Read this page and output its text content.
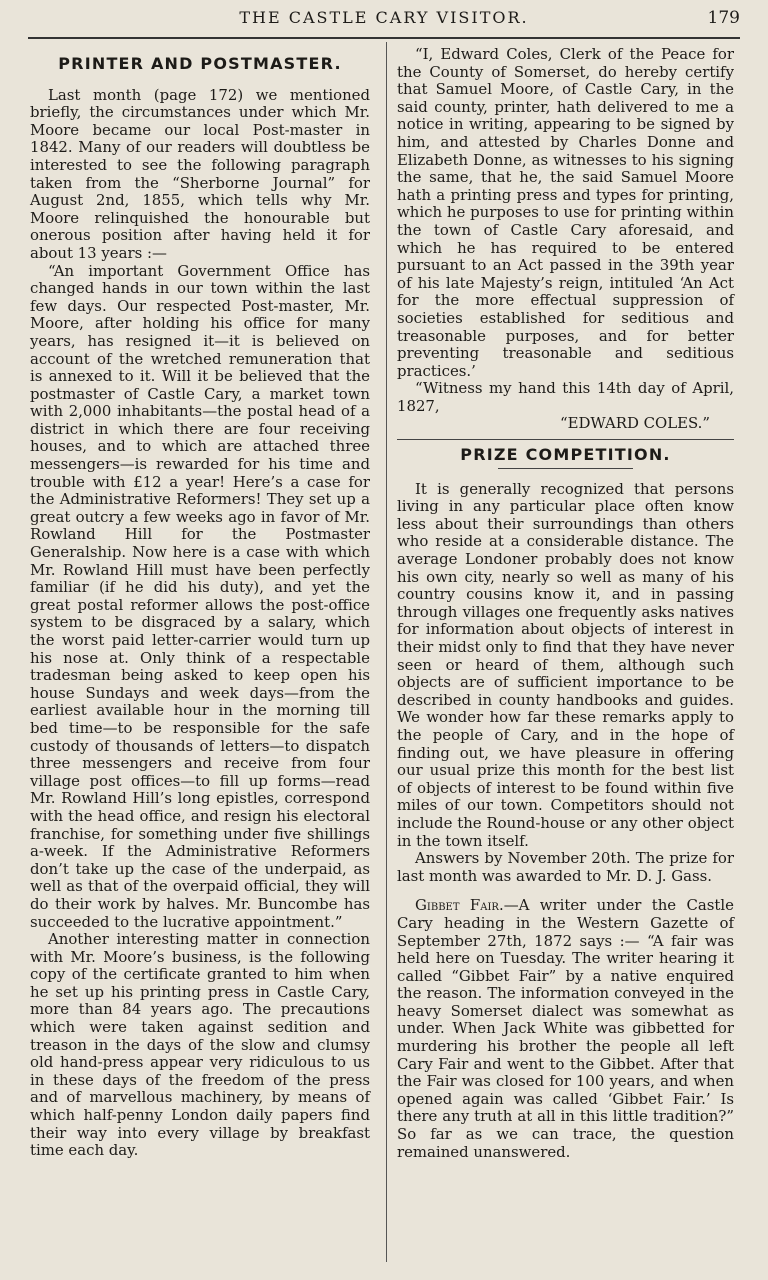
THE CASTLE CARY VISITOR.	179
PRINTER AND POSTMASTER.

Last month (page 172) we mentioned briefly, the circumstances under which Mr. Moore became our local Post-master in 1842. Many of our readers will doubtless be interested to see the following paragraph taken from the “Sherborne Journal” for August 2nd, 1855, which tells why Mr. Moore relinquished the honourable but onerous position after having held it for about 13 years :—

“An important Government Office has changed hands in our town within the last few days. Our respected Post-master, Mr. Moore, after holding his office for many years, has resigned it—it is believed on account of the wretched remuneration that is annexed to it. Will it be believed that the postmaster of Castle Cary, a market town with 2,000 inhabitants—the postal head of a district in which there are four receiving houses, and to which are attached three messengers—is rewarded for his time and trouble with £12 a year! Here’s a case for the Administrative Reformers! They set up a great outcry a few weeks ago in favor of Mr. Rowland Hill for the Postmaster Generalship. Now here is a case with which Mr. Rowland Hill must have been perfectly familiar (if he did his duty), and yet the great postal reformer allows the post-office system to be disgraced by a salary, which the worst paid letter-carrier would turn up his nose at. Only think of a respectable tradesman being asked to keep open his house Sundays and week days—from the earliest available hour in the morning till bed time—to be responsible for the safe custody of thousands of letters—to dispatch three messengers and receive from four village post offices—to fill up forms—read Mr. Rowland Hill’s long epistles, correspond with the head office, and resign his electoral franchise, for something under five shillings a-week. If the Administrative Reformers don’t take up the case of the underpaid, as well as that of the overpaid official, they will do their work by halves. Mr. Buncombe has succeeded to the lucrative appointment.”

Another interesting matter in connection with Mr. Moore’s business, is the following copy of the certificate granted to him when he set up his printing press in Castle Cary, more than 84 years ago. The precautions which were taken against sedition and treason in the days of the slow and clumsy old hand-press appear very ridiculous to us in these days of the freedom of the press and of marvellous machinery, by means of which half-penny London daily papers find their way into every village by breakfast time each day.

“I, Edward Coles, Clerk of the Peace for the County of Somerset, do hereby certify that Samuel Moore, of Castle Cary, in the said county, printer, hath delivered to me a notice in writing, appearing to be signed by him, and attested by Charles Donne and Elizabeth Donne, as witnesses to his signing the same, that he, the said Samuel Moore hath a printing press and types for printing, which he purposes to use for printing within the town of Castle Cary aforesaid, and which he has required to be entered pursuant to an Act passed in the 39th year of his late Majesty’s reign, intituled ‘An Act for the more effectual suppression of societies established for seditious and treasonable purposes, and for better preventing treasonable and seditious practices.’

“Witness my hand this 14th day of April, 1827,

“EDWARD COLES.”

PRIZE COMPETITION.

It is generally recognized that persons living in any particular place often know less about their surroundings than others who reside at a considerable distance. The average Londoner probably does not know his own city, nearly so well as many of his country cousins know it, and in passing through villages one frequently asks natives for information about objects of interest in their midst only to find that they have never seen or heard of them, although such objects are of sufficient importance to be described in county handbooks and guides. We wonder how far these remarks apply to the people of Cary, and in the hope of finding out, we have pleasure in offering our usual prize this month for the best list of objects of interest to be found within five miles of our town. Competitors should not include the Round-house or any other object in the town itself.

Answers by November 20th. The prize for last month was awarded to Mr. D. J. Gass.

Gibbet Fair.—A writer under the Castle Cary heading in the Western Gazette of September 27th, 1872 says :— “A fair was held here on Tuesday. The writer hearing it called “Gibbet Fair” by a native enquired the reason. The information conveyed in the heavy Somerset dialect was somewhat as under. When Jack White was gibbetted for murdering his brother the people all left Cary Fair and went to the Gibbet. After that the Fair was closed for 100 years, and when opened again was called ‘Gibbet Fair.’ Is there any truth at all in this little tradition?” So far as we can trace, the question remained unanswered.
